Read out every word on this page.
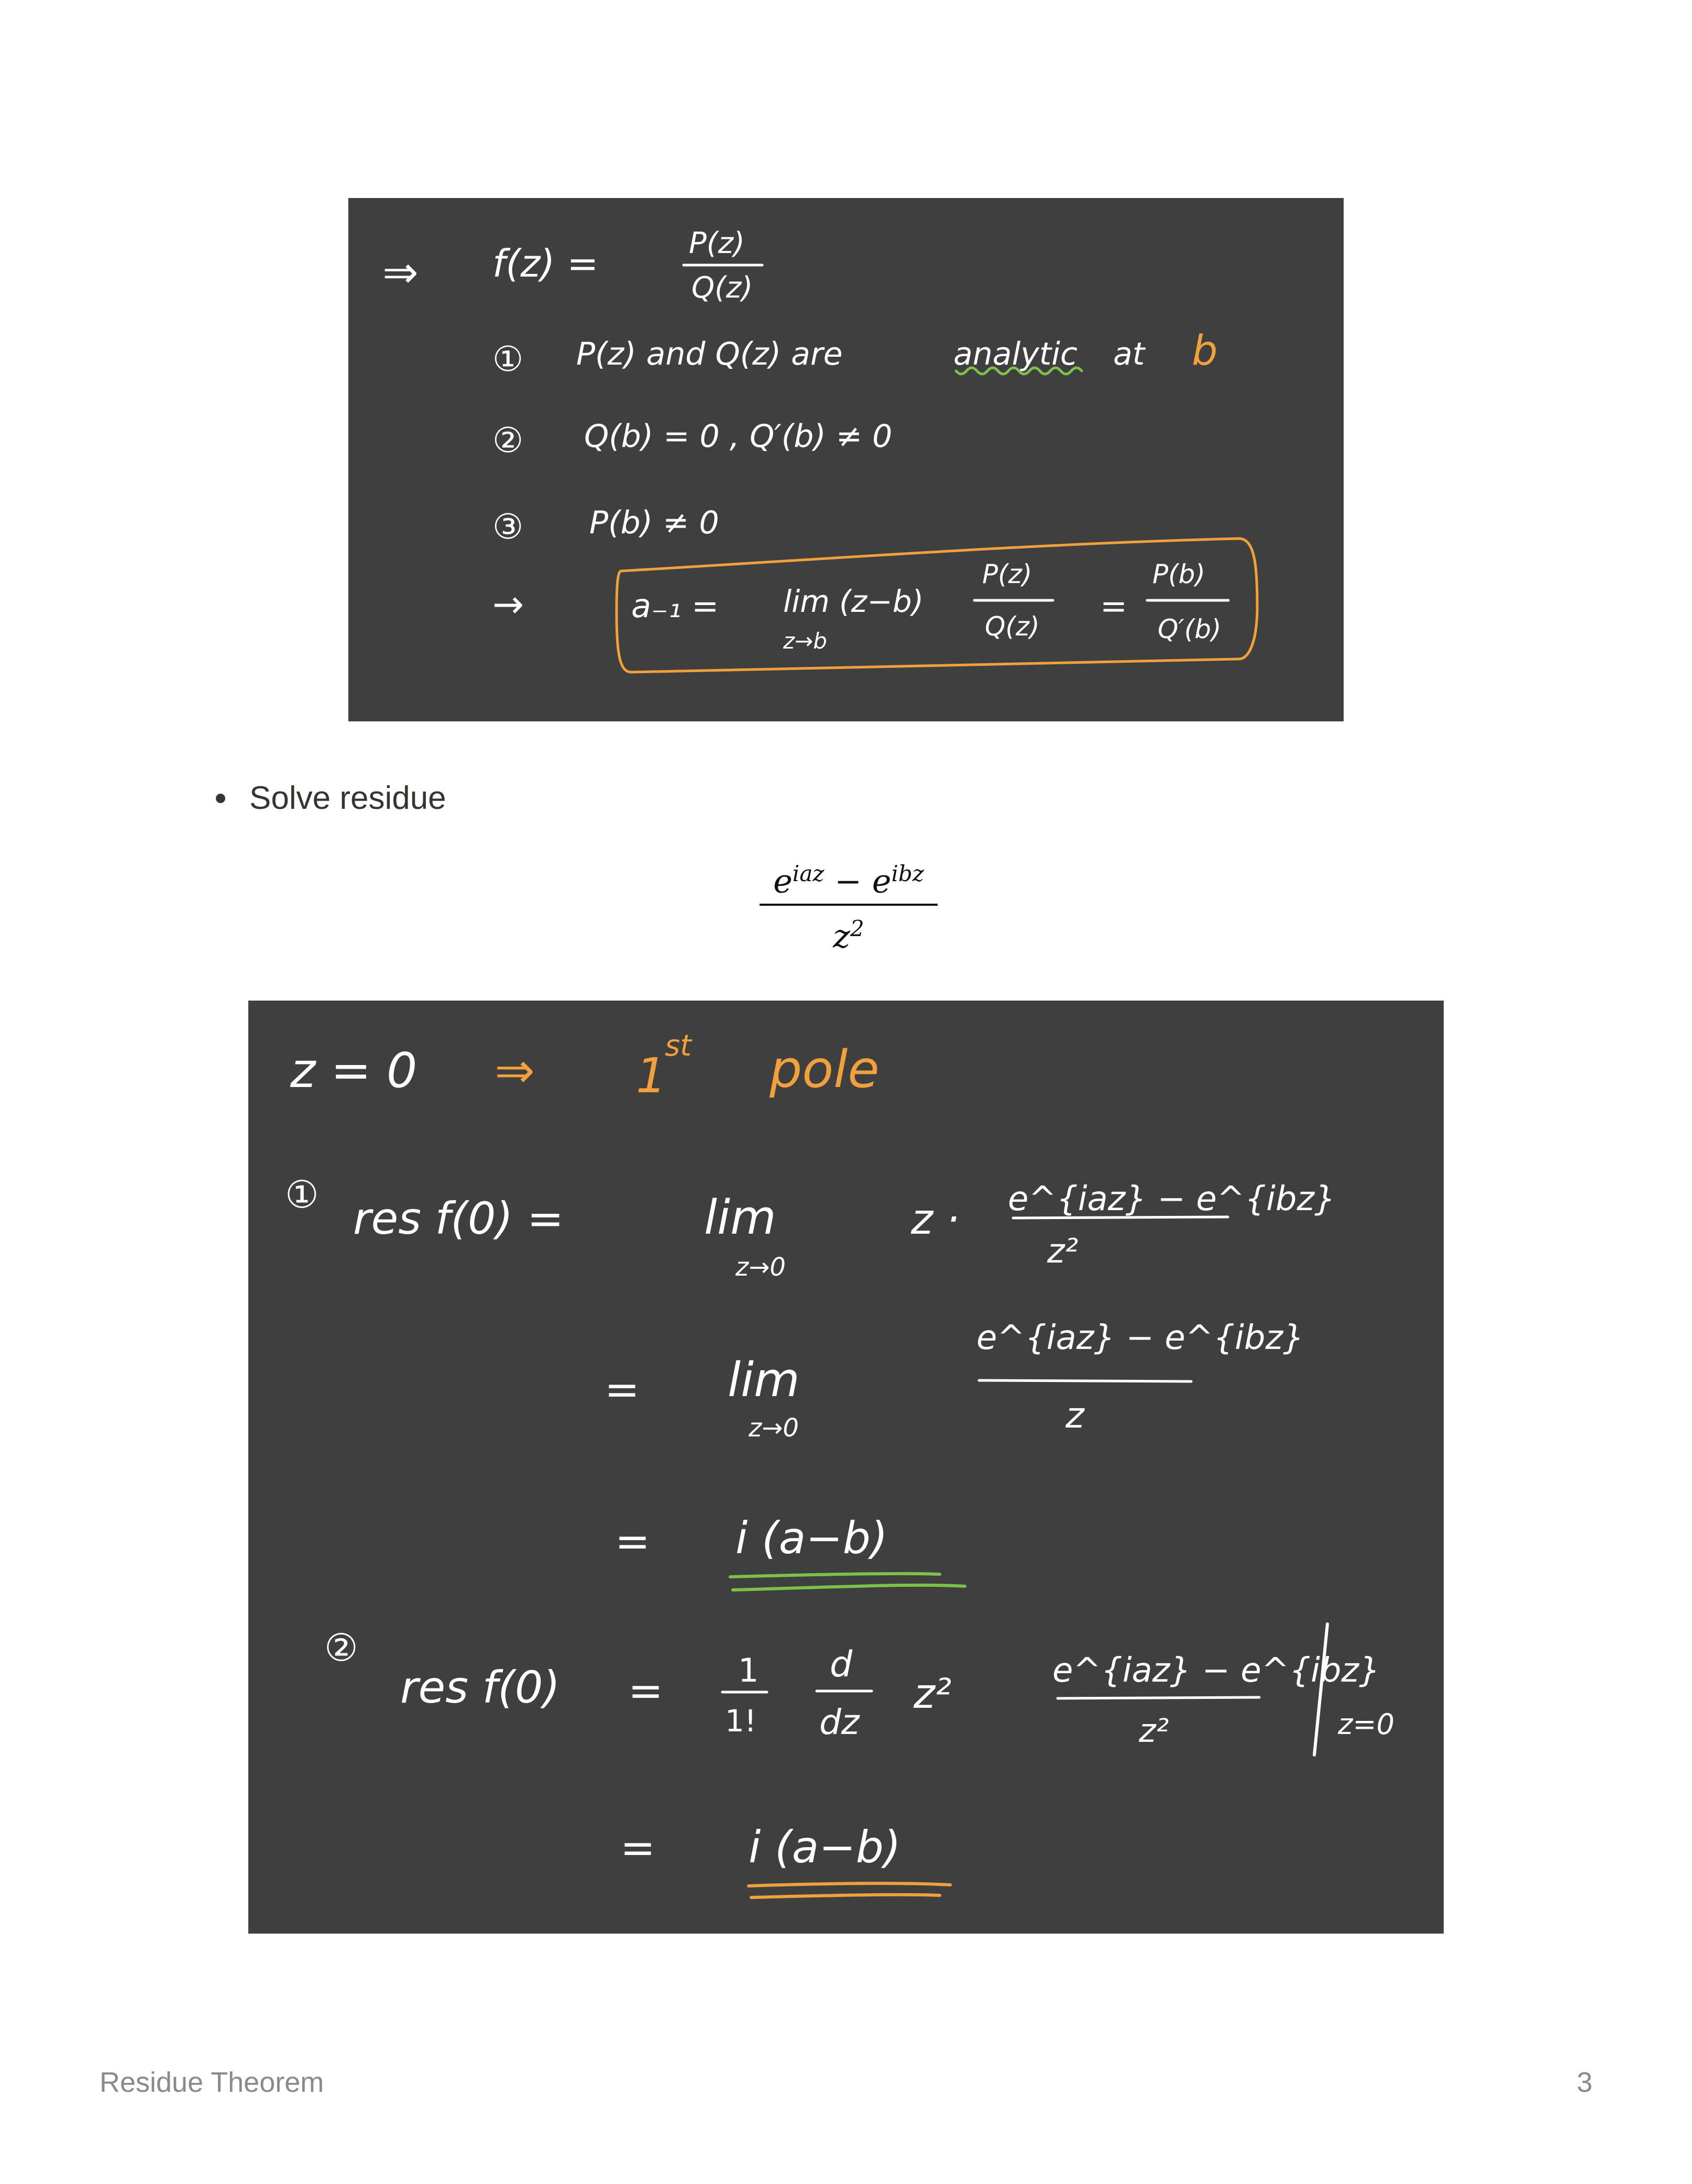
⇒ f(z) =	P(z)
Q(z)
① P(z) and Q(z) are	analytic at b
② Q(b) = 0 , Q′(b) ≠ 0
③ P(b) ≠ 0
→	a₋₁ = lim (z−b)
z→b
P(z)
Q(z)
=
P(b)
Q′(b)
Solve residue
$e^{iaz} - e^{ibz}$
$z^2$
z = 0 ⇒ 1
st pole
① res f(0) =	lim
z→0
z · e^{iaz} − e^{ibz}
z²
= lim
z→0
e^{iaz} − e^{ibz}
z
= i (a−b)
②
res f(0) = 1
1!
d
dz
z²	e^{iaz} − e^{ibz}
z²	z=0
= i (a−b)
Residue Theorem	3
